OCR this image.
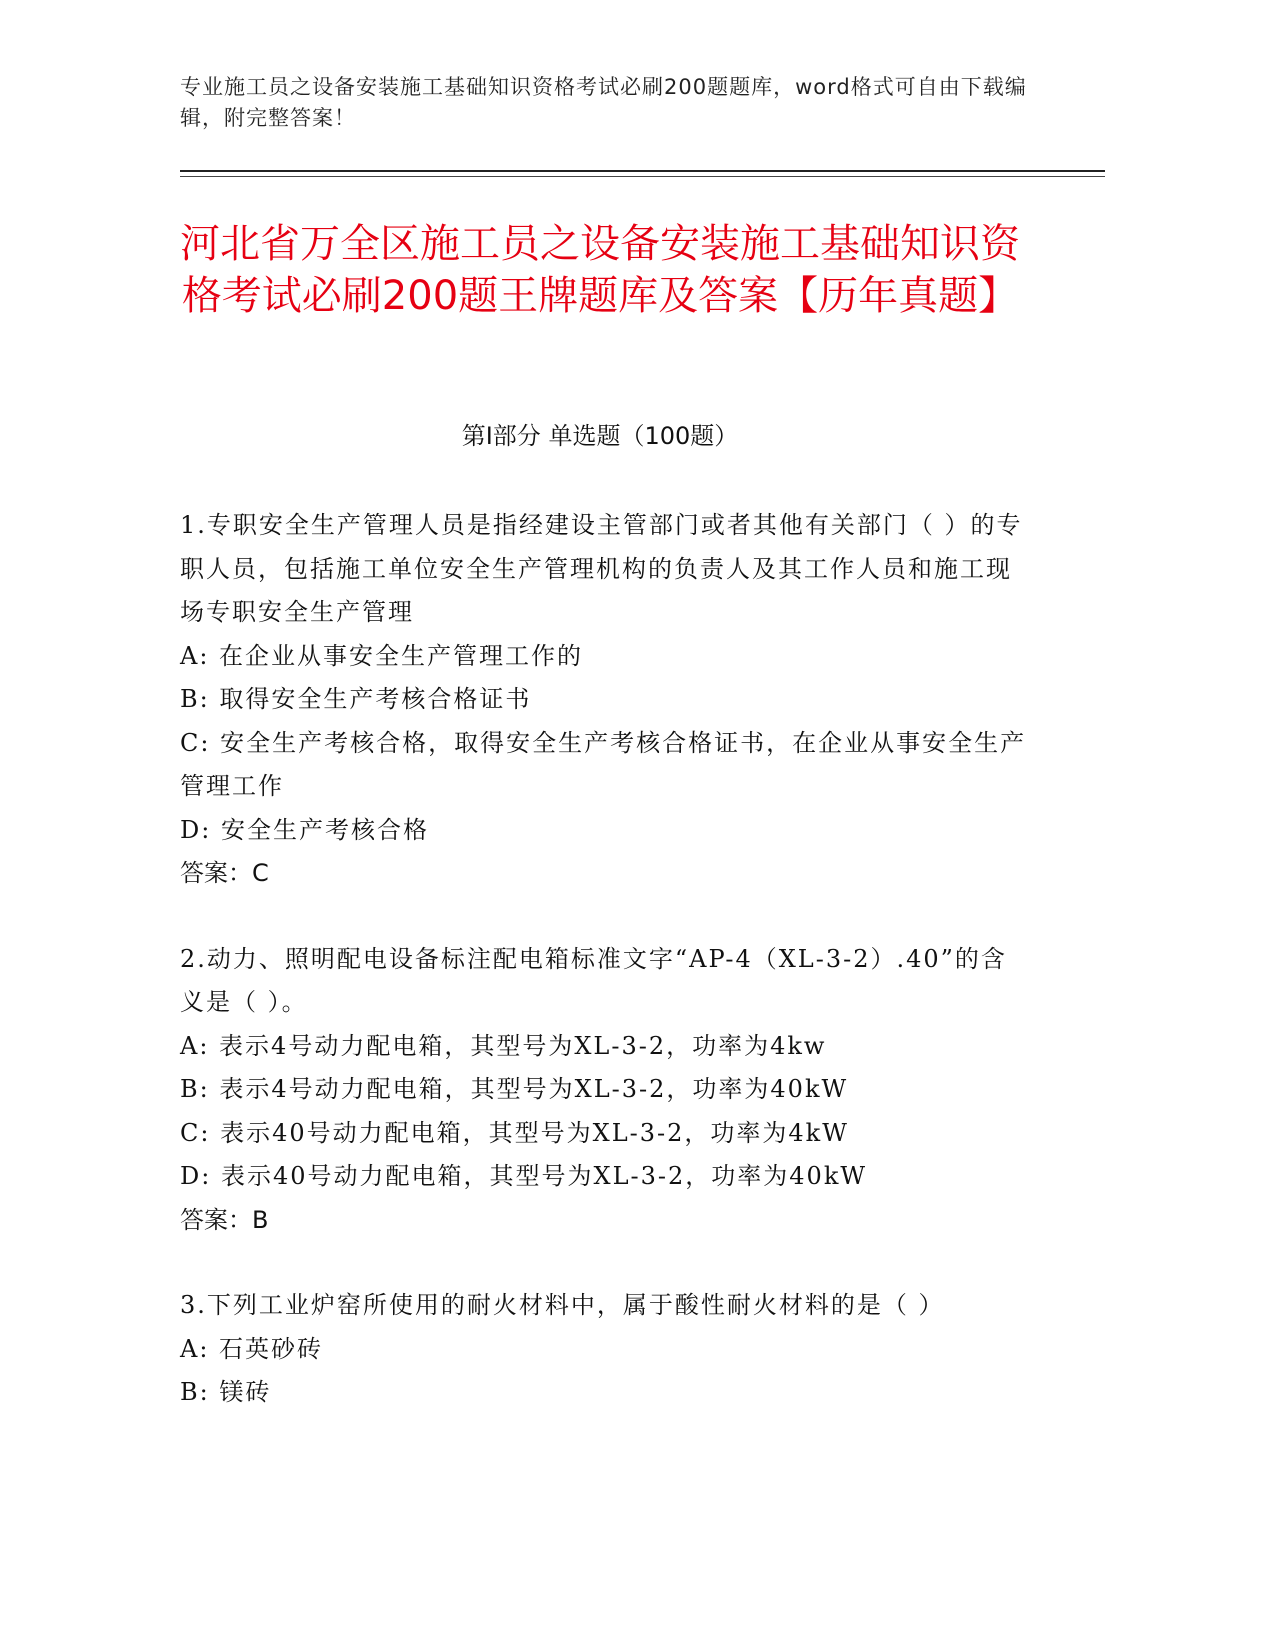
专业施工员之设备安装施工基础知识资格考试必刷200题题库，word格式可自由下载编辑，附完整答案！
河北省万全区施工员之设备安装施工基础知识资格考试必刷200题王牌题库及答案【历年真题】
第I部分 单选题（100题）
1.专职安全生产管理人员是指经建设主管部门或者其他有关部门（ ）的专职人员，包括施工单位安全生产管理机构的负责人及其工作人员和施工现场专职安全生产管理
A: 在企业从事安全生产管理工作的
B: 取得安全生产考核合格证书
C: 安全生产考核合格，取得安全生产考核合格证书，在企业从事安全生产管理工作
D: 安全生产考核合格
答案：C
2.动力、照明配电设备标注配电箱标准文字“AP-4（XL-3-2）.40”的含义是（ ）。
A: 表示4号动力配电箱，其型号为XL-3-2，功率为4kw
B: 表示4号动力配电箱，其型号为XL-3-2，功率为40kW
C: 表示40号动力配电箱，其型号为XL-3-2，功率为4kW
D: 表示40号动力配电箱，其型号为XL-3-2，功率为40kW
答案：B
3.下列工业炉窑所使用的耐火材料中，属于酸性耐火材料的是（ ）
A: 石英砂砖
B: 镁砖
